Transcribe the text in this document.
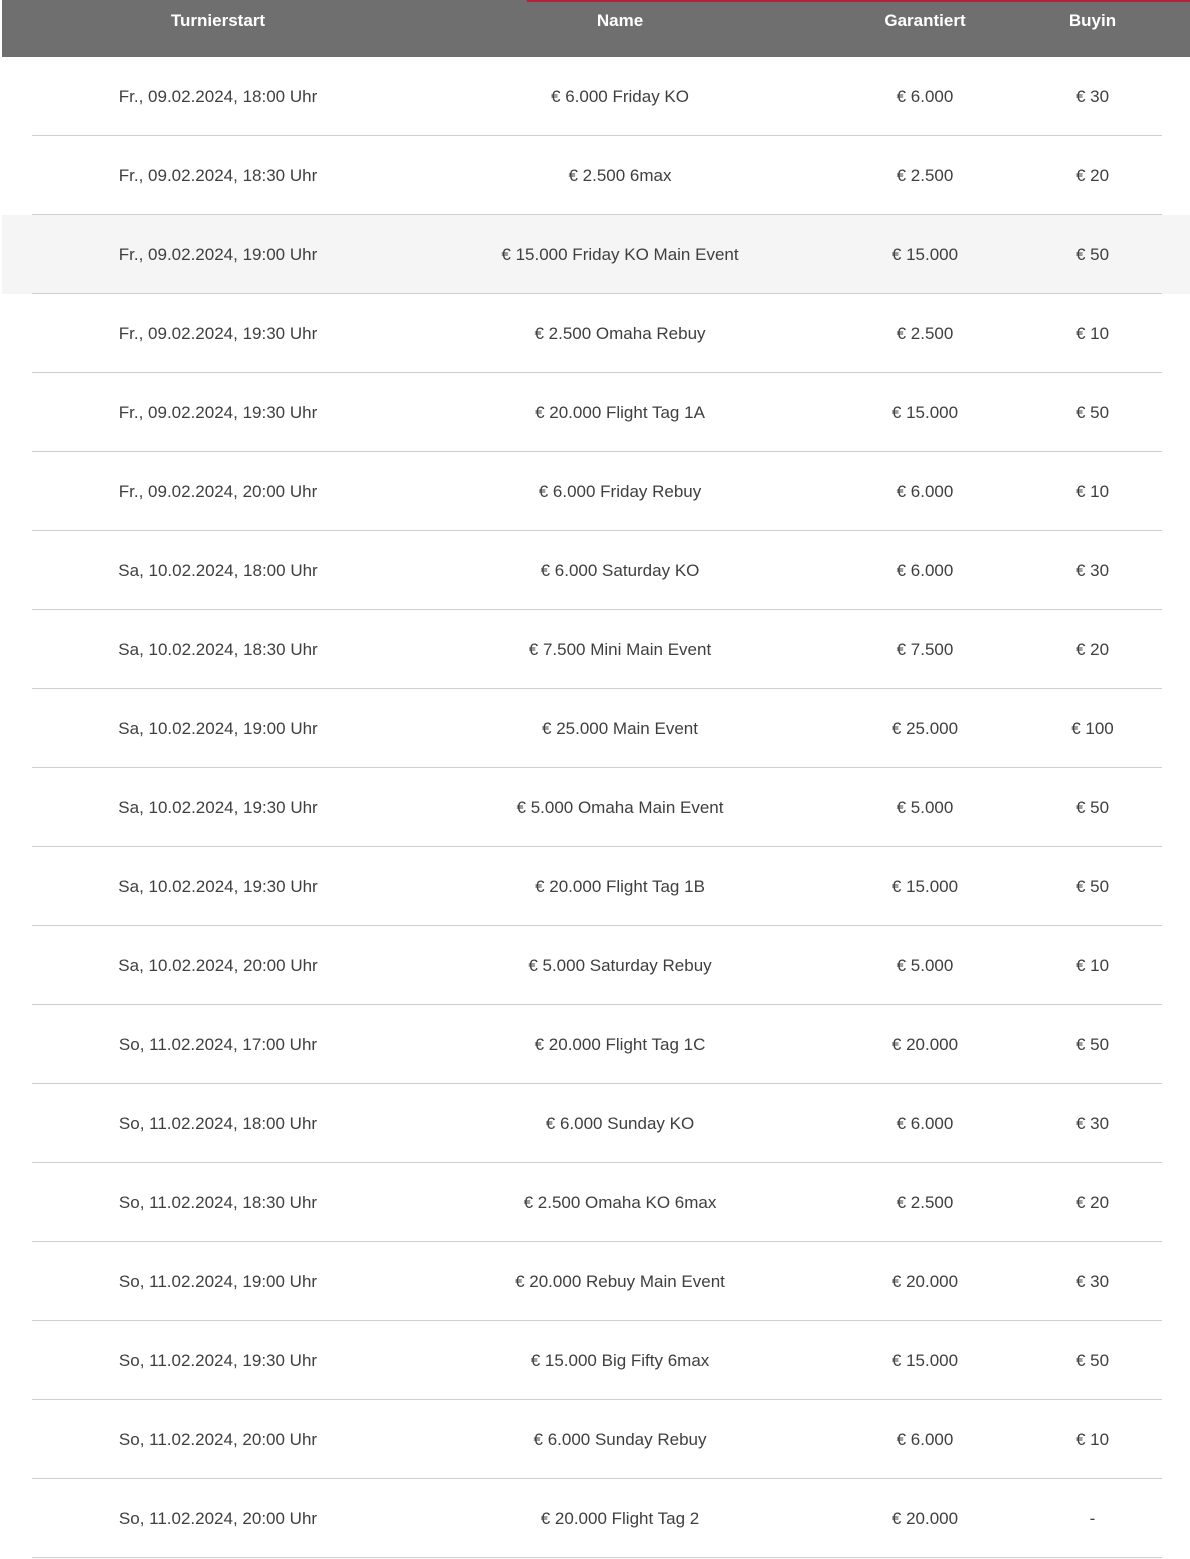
Turnierstart	Name	Garantiert	Buyin
Fr., 09.02.2024, 18:00 Uhr	€ 6.000 Friday KO	€ 6.000	€ 30
Fr., 09.02.2024, 18:30 Uhr	€ 2.500 6max	€ 2.500	€ 20
Fr., 09.02.2024, 19:00 Uhr	€ 15.000 Friday KO Main Event	€ 15.000	€ 50
Fr., 09.02.2024, 19:30 Uhr	€ 2.500 Omaha Rebuy	€ 2.500	€ 10
Fr., 09.02.2024, 19:30 Uhr	€ 20.000 Flight Tag 1A	€ 15.000	€ 50
Fr., 09.02.2024, 20:00 Uhr	€ 6.000 Friday Rebuy	€ 6.000	€ 10
Sa, 10.02.2024, 18:00 Uhr	€ 6.000 Saturday KO	€ 6.000	€ 30
Sa, 10.02.2024, 18:30 Uhr	€ 7.500 Mini Main Event	€ 7.500	€ 20
Sa, 10.02.2024, 19:00 Uhr	€ 25.000 Main Event	€ 25.000	€ 100
Sa, 10.02.2024, 19:30 Uhr	€ 5.000 Omaha Main Event	€ 5.000	€ 50
Sa, 10.02.2024, 19:30 Uhr	€ 20.000 Flight Tag 1B	€ 15.000	€ 50
Sa, 10.02.2024, 20:00 Uhr	€ 5.000 Saturday Rebuy	€ 5.000	€ 10
So, 11.02.2024, 17:00 Uhr	€ 20.000 Flight Tag 1C	€ 20.000	€ 50
So, 11.02.2024, 18:00 Uhr	€ 6.000 Sunday KO	€ 6.000	€ 30
So, 11.02.2024, 18:30 Uhr	€ 2.500 Omaha KO 6max	€ 2.500	€ 20
So, 11.02.2024, 19:00 Uhr	€ 20.000 Rebuy Main Event	€ 20.000	€ 30
So, 11.02.2024, 19:30 Uhr	€ 15.000 Big Fifty 6max	€ 15.000	€ 50
So, 11.02.2024, 20:00 Uhr	€ 6.000 Sunday Rebuy	€ 6.000	€ 10
So, 11.02.2024, 20:00 Uhr	€ 20.000 Flight Tag 2	€ 20.000	-
